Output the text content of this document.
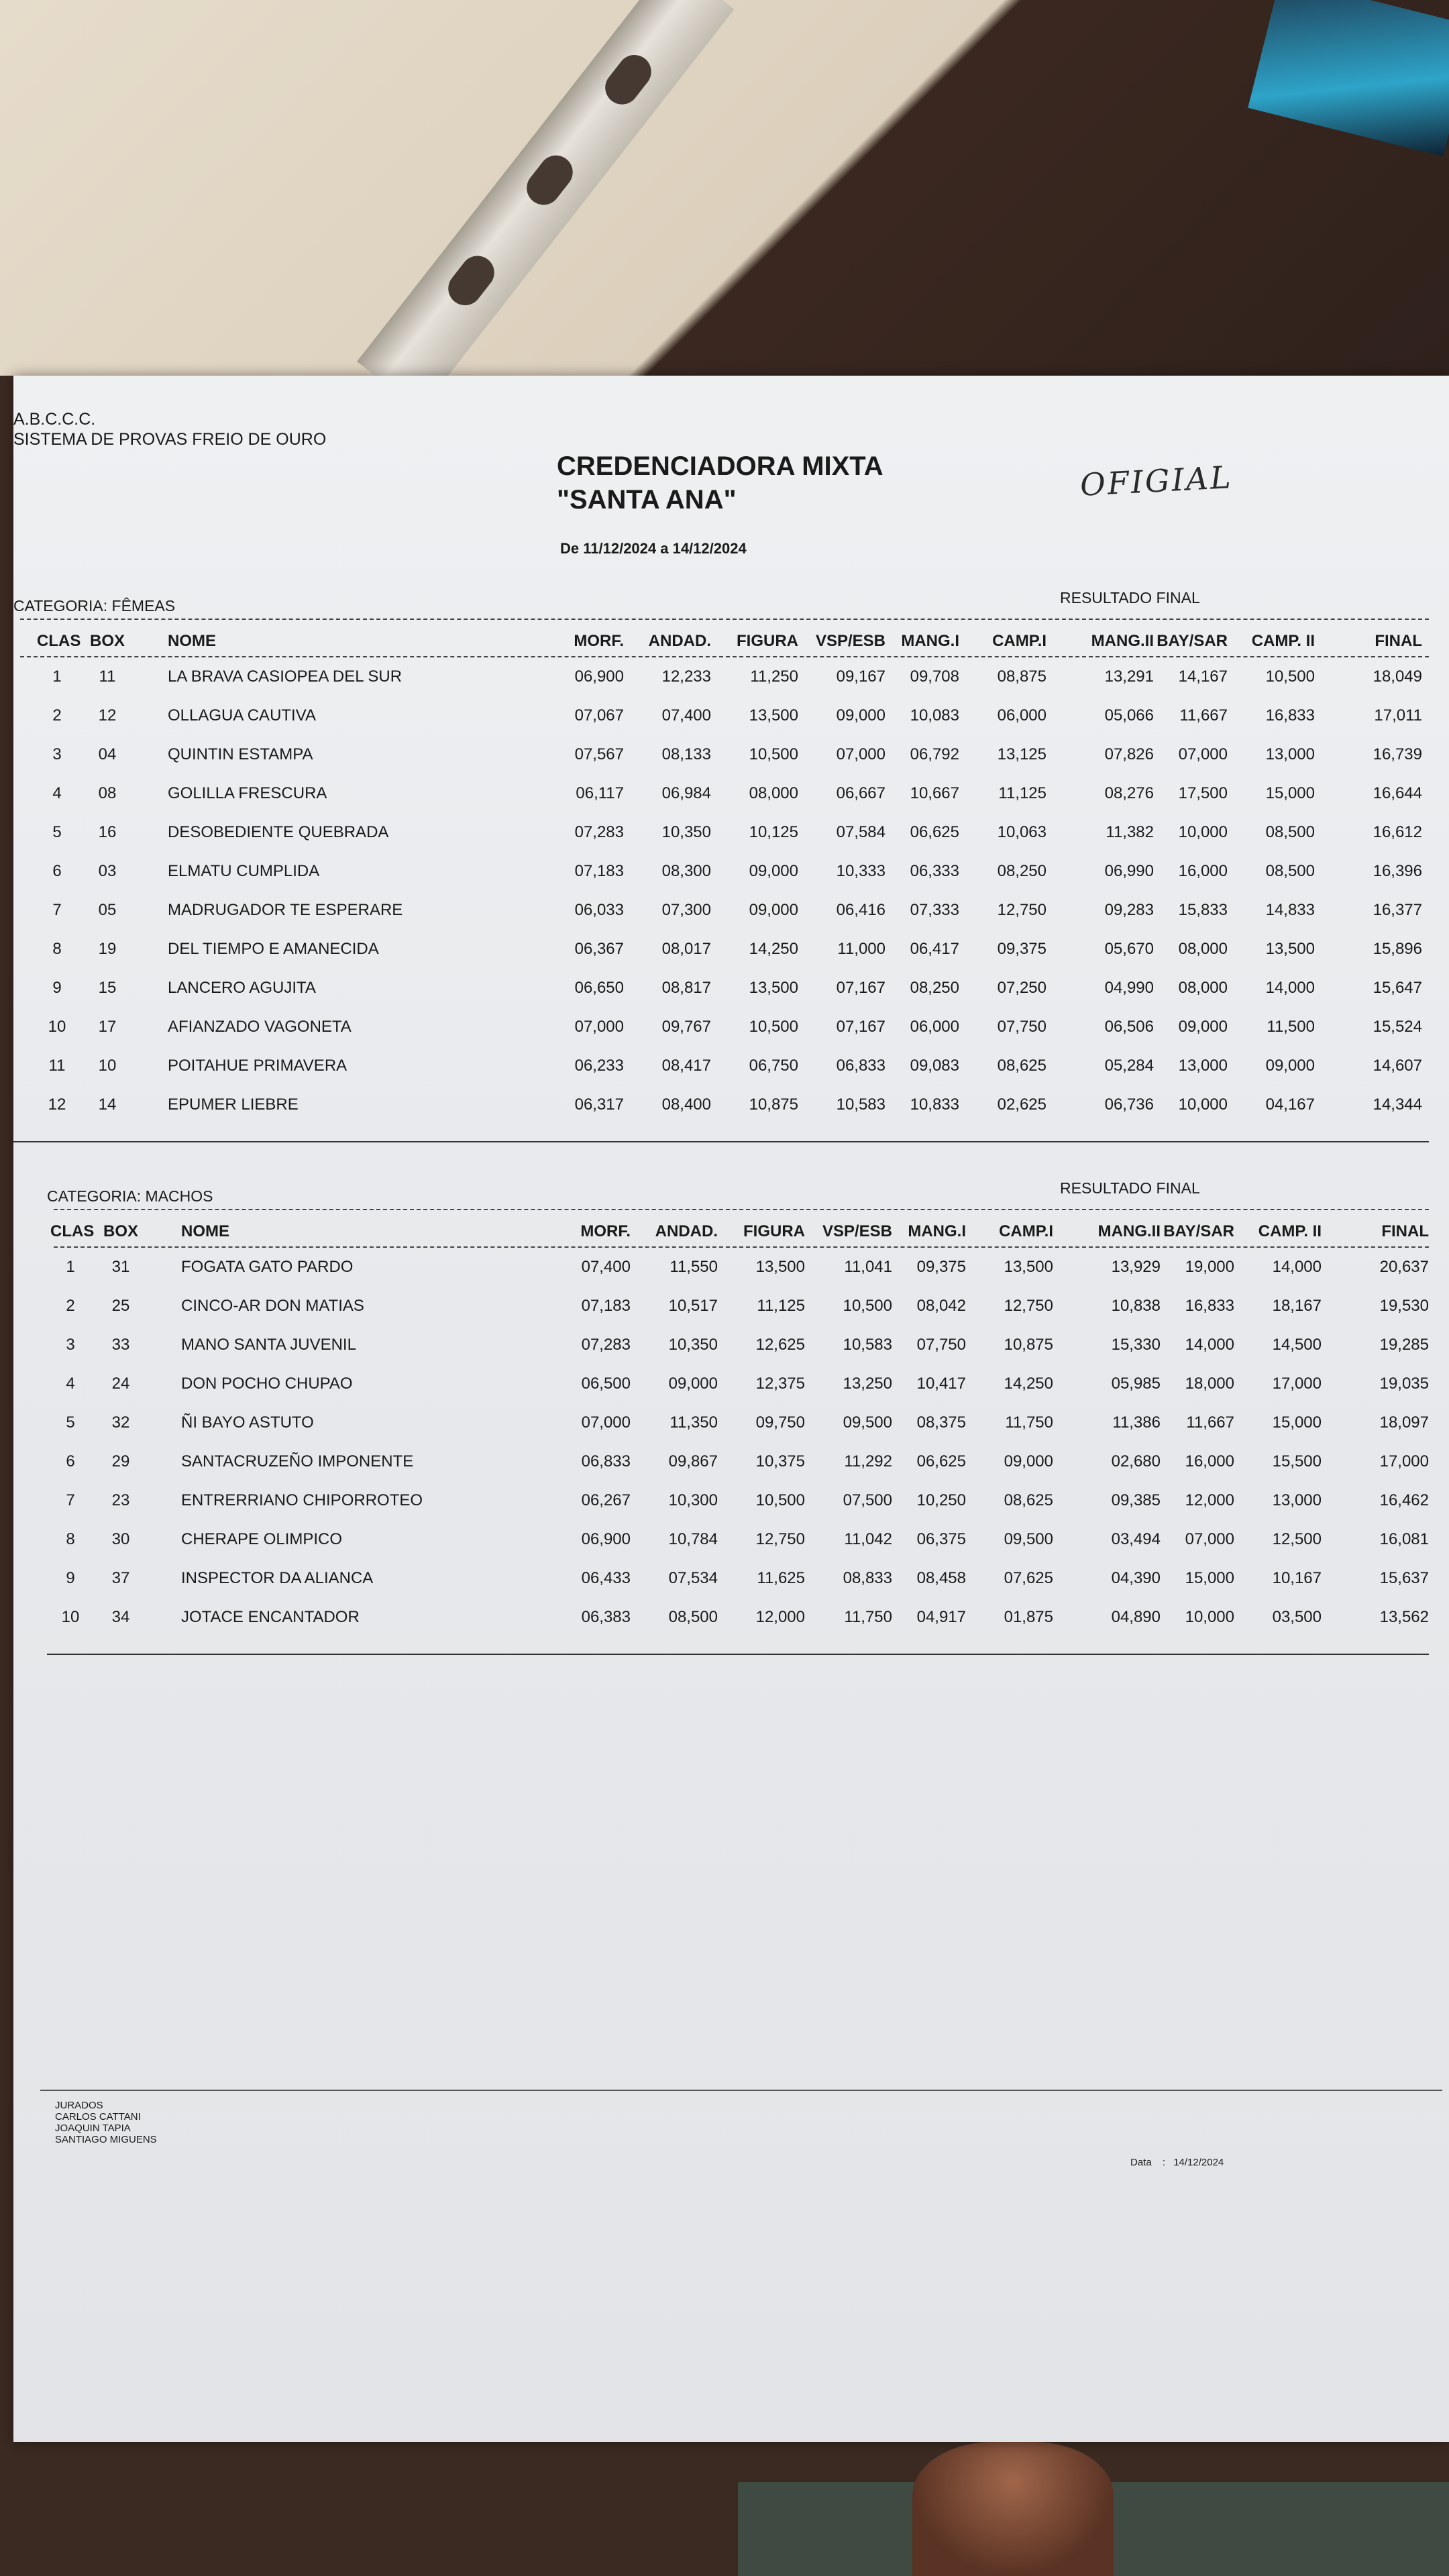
A.B.C.C.C.
SISTEMA DE PROVAS FREIO DE OURO
CREDENCIADORA MIXTA
"SANTA ANA"	OFIGIAL
De 11/12/2024 a 14/12/2024
CATEGORIA: FÊMEAS	RESULTADO FINAL
CLAS BOX	NOME	MORF.	ANDAD.	FIGURA	VSP/ESB MANG.I	CAMP.I	MANG.II BAY/SAR	CAMP. II	FINAL
1	11	LA BRAVA CASIOPEA DEL SUR	06,900	12,233	11,250	09,167	09,708	08,875	13,291	14,167	10,500	18,049
2	12	OLLAGUA CAUTIVA	07,067	07,400	13,500	09,000	10,083	06,000	05,066	11,667	16,833	17,011
3	04	QUINTIN ESTAMPA	07,567	08,133	10,500	07,000	06,792	13,125	07,826	07,000	13,000	16,739
4	08	GOLILLA FRESCURA	06,117	06,984	08,000	06,667	10,667	11,125	08,276	17,500	15,000	16,644
5	16	DESOBEDIENTE QUEBRADA	07,283	10,350	10,125	07,584	06,625	10,063	11,382	10,000	08,500	16,612
6	03	ELMATU CUMPLIDA	07,183	08,300	09,000	10,333	06,333	08,250	06,990	16,000	08,500	16,396
7	05	MADRUGADOR TE ESPERARE	06,033	07,300	09,000	06,416	07,333	12,750	09,283	15,833	14,833	16,377
8	19	DEL TIEMPO E AMANECIDA	06,367	08,017	14,250	11,000	06,417	09,375	05,670	08,000	13,500	15,896
9	15	LANCERO AGUJITA	06,650	08,817	13,500	07,167	08,250	07,250	04,990	08,000	14,000	15,647
10	17	AFIANZADO VAGONETA	07,000	09,767	10,500	07,167	06,000	07,750	06,506	09,000	11,500	15,524
11	10	POITAHUE PRIMAVERA	06,233	08,417	06,750	06,833	09,083	08,625	05,284	13,000	09,000	14,607
12	14	EPUMER LIEBRE	06,317	08,400	10,875	10,583	10,833	02,625	06,736	10,000	04,167	14,344
CATEGORIA: MACHOS	RESULTADO FINAL
CLAS BOX	NOME	MORF.	ANDAD.	FIGURA	VSP/ESB MANG.I	CAMP.I	MANG.II BAY/SAR	CAMP. II	FINAL
1	31	FOGATA GATO PARDO	07,400	11,550	13,500	11,041	09,375	13,500	13,929	19,000	14,000	20,637
2	25	CINCO-AR DON MATIAS	07,183	10,517	11,125	10,500	08,042	12,750	10,838	16,833	18,167	19,530
3	33	MANO SANTA JUVENIL	07,283	10,350	12,625	10,583	07,750	10,875	15,330	14,000	14,500	19,285
4	24	DON POCHO CHUPAO	06,500	09,000	12,375	13,250	10,417	14,250	05,985	18,000	17,000	19,035
5	32	ÑI BAYO ASTUTO	07,000	11,350	09,750	09,500	08,375	11,750	11,386	11,667	15,000	18,097
6	29	SANTACRUZEÑO IMPONENTE	06,833	09,867	10,375	11,292	06,625	09,000	02,680	16,000	15,500	17,000
7	23	ENTRERRIANO CHIPORROTEO	06,267	10,300	10,500	07,500	10,250	08,625	09,385	12,000	13,000	16,462
8	30	CHERAPE OLIMPICO	06,900	10,784	12,750	11,042	06,375	09,500	03,494	07,000	12,500	16,081
9	37	INSPECTOR DA ALIANCA	06,433	07,534	11,625	08,833	08,458	07,625	04,390	15,000	10,167	15,637
10	34	JOTACE ENCANTADOR	06,383	08,500	12,000	11,750	04,917	01,875	04,890	10,000	03,500	13,562
JURADOS
CARLOS CATTANI
JOAQUIN TAPIA
SANTIAGO MIGUENS
Data : 14/12/2024
